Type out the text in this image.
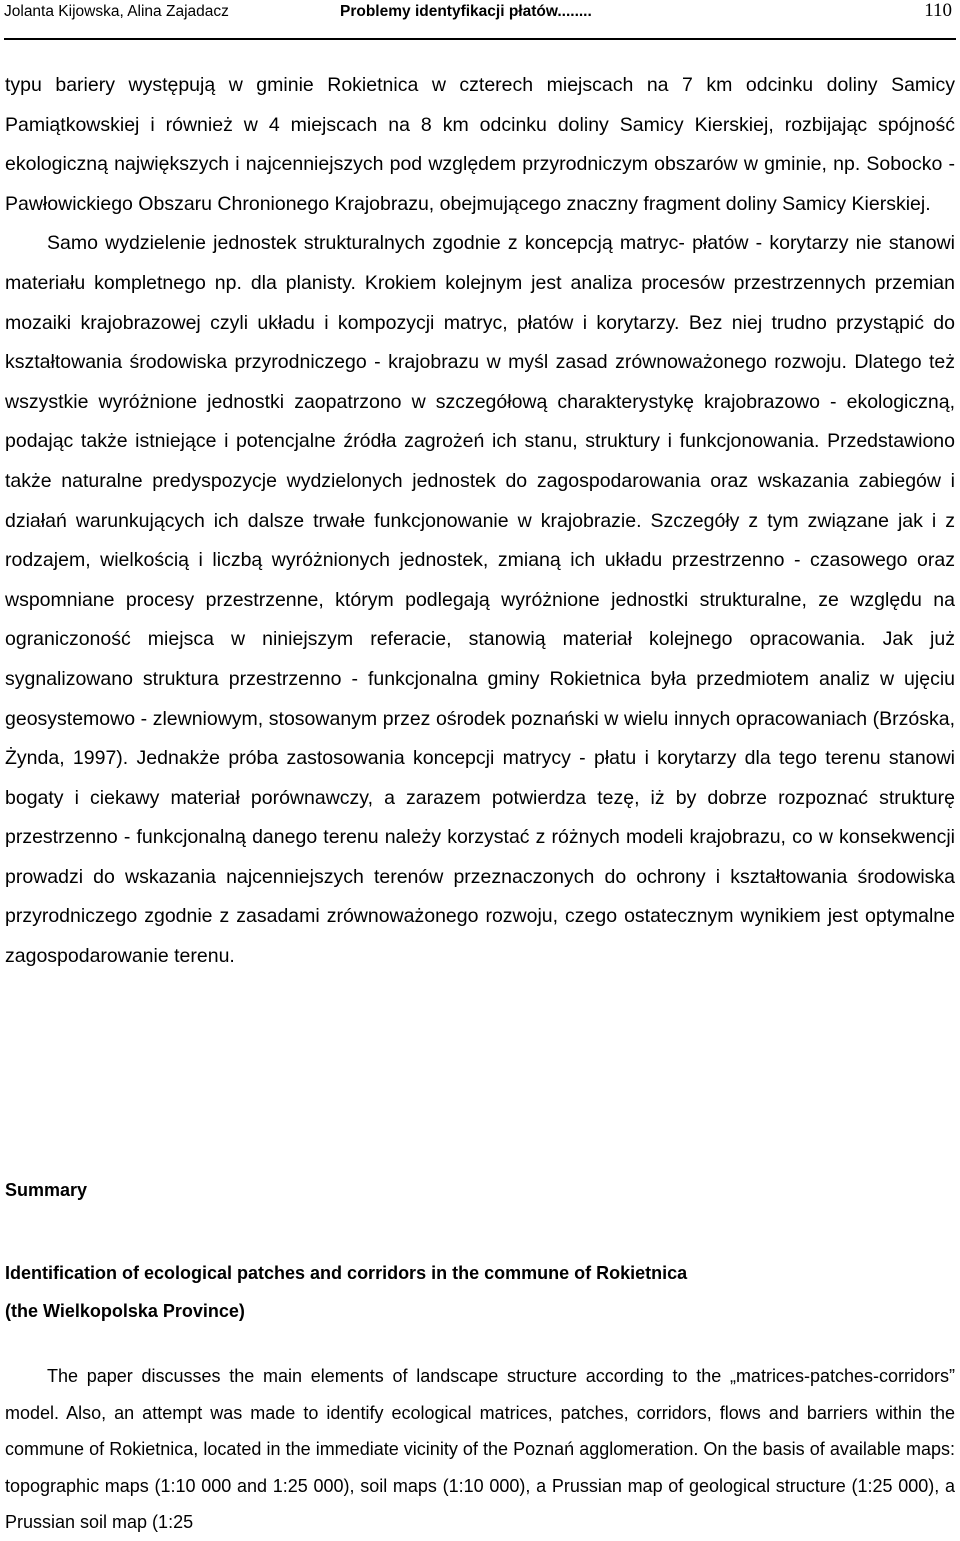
Jolanta Kijowska, Alina Zajadacz	Problemy identyfikacji płatów........	110

typu bariery występują w gminie Rokietnica w czterech miejscach na 7 km odcinku doliny Samicy Pamiątkowskiej i również w 4 miejscach na 8 km odcinku doliny Samicy Kierskiej, rozbijając spójność ekologiczną największych i najcenniejszych pod względem przyrodniczym obszarów w gminie, np. Sobocko - Pawłowickiego Obszaru Chronionego Krajobrazu, obejmującego znaczny fragment doliny Samicy Kierskiej.

Samo wydzielenie jednostek strukturalnych zgodnie z koncepcją matryc- płatów - korytarzy nie stanowi materiału kompletnego np. dla planisty. Krokiem kolejnym jest analiza procesów przestrzennych przemian mozaiki krajobrazowej czyli układu i kompozycji matryc, płatów i korytarzy. Bez niej trudno przystąpić do kształtowania środowiska przyrodniczego - krajobrazu w myśl zasad zrównoważonego rozwoju. Dlatego też wszystkie wyróżnione jednostki zaopatrzono w szczegółową charakterystykę krajobrazowo - ekologiczną, podając także istniejące i potencjalne źródła zagrożeń ich stanu, struktury i funkcjonowania. Przedstawiono także naturalne predyspozycje wydzielonych jednostek do zagospodarowania oraz wskazania zabiegów i działań warunkujących ich dalsze trwałe funkcjonowanie w krajobrazie. Szczegóły z tym związane jak i z rodzajem, wielkością i liczbą wyróżnionych jednostek, zmianą ich układu przestrzenno - czasowego oraz wspomniane procesy przestrzenne, którym podlegają wyróżnione jednostki strukturalne, ze względu na ograniczoność miejsca w niniejszym referacie, stanowią materiał kolejnego opracowania. Jak już sygnalizowano struktura przestrzenno - funkcjonalna gminy Rokietnica była przedmiotem analiz w ujęciu geosystemowo - zlewniowym, stosowanym przez ośrodek poznański w wielu innych opracowaniach (Brzóska, Żynda, 1997). Jednakże próba zastosowania koncepcji matrycy - płatu i korytarzy dla tego terenu stanowi bogaty i ciekawy materiał porównawczy, a zarazem potwierdza tezę, iż by dobrze rozpoznać strukturę przestrzenno - funkcjonalną danego terenu należy korzystać z różnych modeli krajobrazu, co w konsekwencji prowadzi do wskazania najcenniejszych terenów przeznaczonych do ochrony i kształtowania środowiska przyrodniczego zgodnie z zasadami zrównoważonego rozwoju, czego ostatecznym wynikiem jest optymalne zagospodarowanie terenu.

Summary
Identification of ecological patches and corridors in the commune of Rokietnica
(the Wielkopolska Province)
The paper discusses the main elements of landscape structure according to the „matrices-patches-corridors” model. Also, an attempt was made to identify ecological matrices, patches, corridors, flows and barriers within the commune of Rokietnica, located in the immediate vicinity of the Poznań agglomeration. On the basis of available maps: topographic maps (1:10 000 and 1:25 000), soil maps (1:10 000), a Prussian map of geological structure (1:25 000), a Prussian soil map (1:25
